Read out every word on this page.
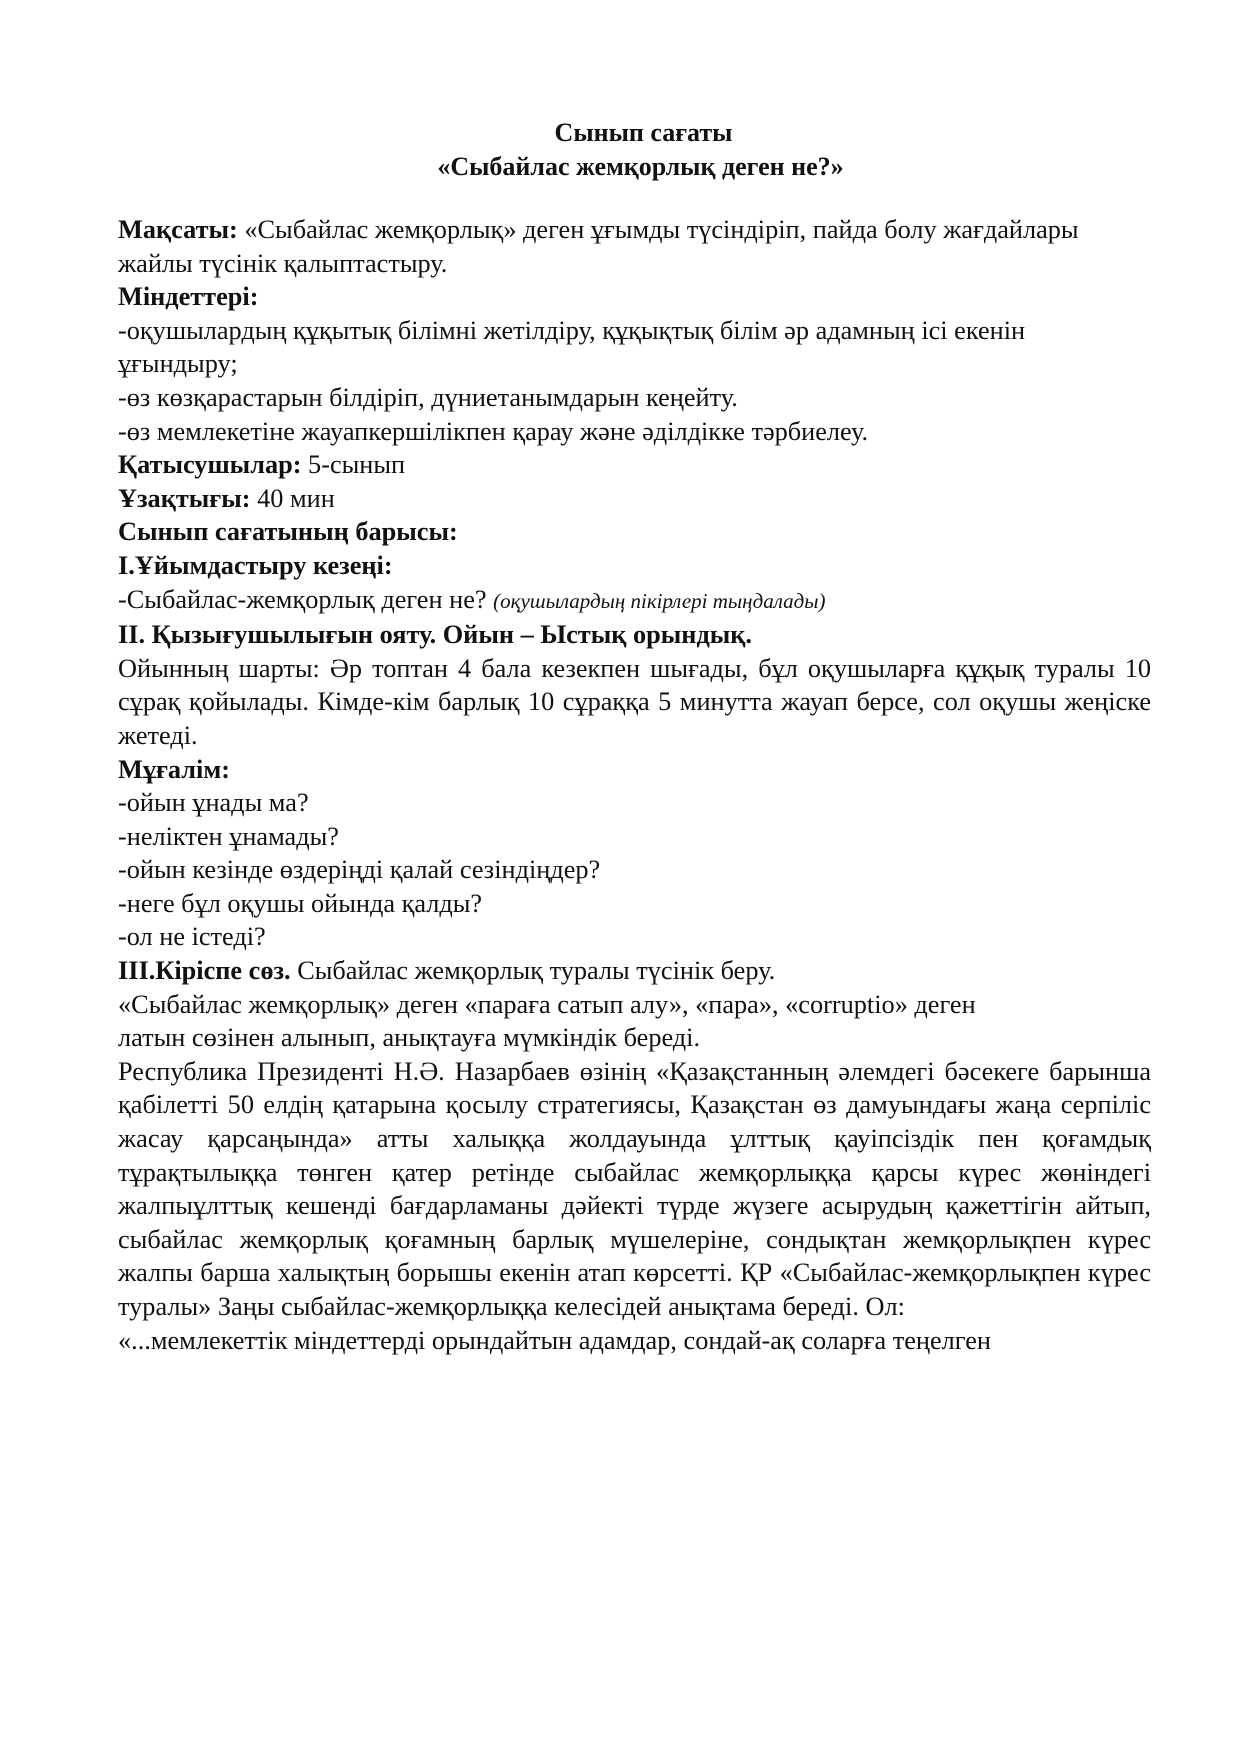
Сынып сағаты

«Сыбайлас жемқорлық деген не?»

Мақсаты: «Сыбайлас жемқорлық» деген ұғымды түсіндіріп, пайда болу жағдайлары жайлы түсінік қалыптастыру.

Міндеттері:

-оқушылардың құқытық білімні жетілдіру, құқықтық білім әр адамның ісі екенін ұғындыру;

-өз көзқарастарын білдіріп, дүниетанымдарын кеңейту.

-өз мемлекетіне жауапкершілікпен қарау және әділдікке тәрбиелеу.

Қатысушылар: 5-сынып

Ұзақтығы: 40 мин

Сынып сағатының барысы:

I.Ұйымдастыру кезеңі:

-Сыбайлас-жемқорлық деген не? (оқушылардың пікірлері тыңдалады)

II. Қызығушылығын ояту. Ойын – Ыстық орындық.

Ойынның шарты: Әр топтан 4 бала кезекпен шығады, бұл оқушыларға құқық туралы 10 сұрақ қойылады. Кімде-кім барлық 10 сұраққа 5 минутта жауап берсе, сол оқушы жеңіске жетеді.

Мұғалім:

-ойын ұнады ма?

-неліктен ұнамады?

-ойын кезінде өздеріңді қалай сезіндіңдер?

-неге бұл оқушы ойында қалды?

-ол не істеді?

III.Кіріспе сөз. Сыбайлас жемқорлық туралы түсінік беру.

«Сыбайлас жемқорлық» деген «параға сатып алу», «пара», «corruptio» деген

латын сөзінен алынып, анықтауға мүмкіндік береді.

Республика Президенті Н.Ә. Назарбаев өзінің «Қазақстанның әлемдегі бәсекеге барынша қабілетті 50 елдің қатарына қосылу стратегиясы, Қазақстан өз дамуындағы жаңа серпіліс жасау қарсаңында» атты халыққа жолдауында ұлттық қауіпсіздік пен қоғамдық тұрақтылыққа төнген қатер ретінде сыбайлас жемқорлыққа қарсы күрес жөніндегі жалпыұлттық кешенді бағдарламаны дәйекті түрде жүзеге асырудың қажеттігін айтып, сыбайлас жемқорлық қоғамның барлық мүшелеріне, сондықтан жемқорлықпен күрес жалпы барша халықтың борышы екенін атап көрсетті. ҚР «Сыбайлас-жемқорлықпен күрес туралы» Заңы сыбайлас-жемқорлыққа келесідей анықтама береді. Ол:

«...мемлекеттік міндеттерді орындайтын адамдар, сондай-ақ соларға теңелген
